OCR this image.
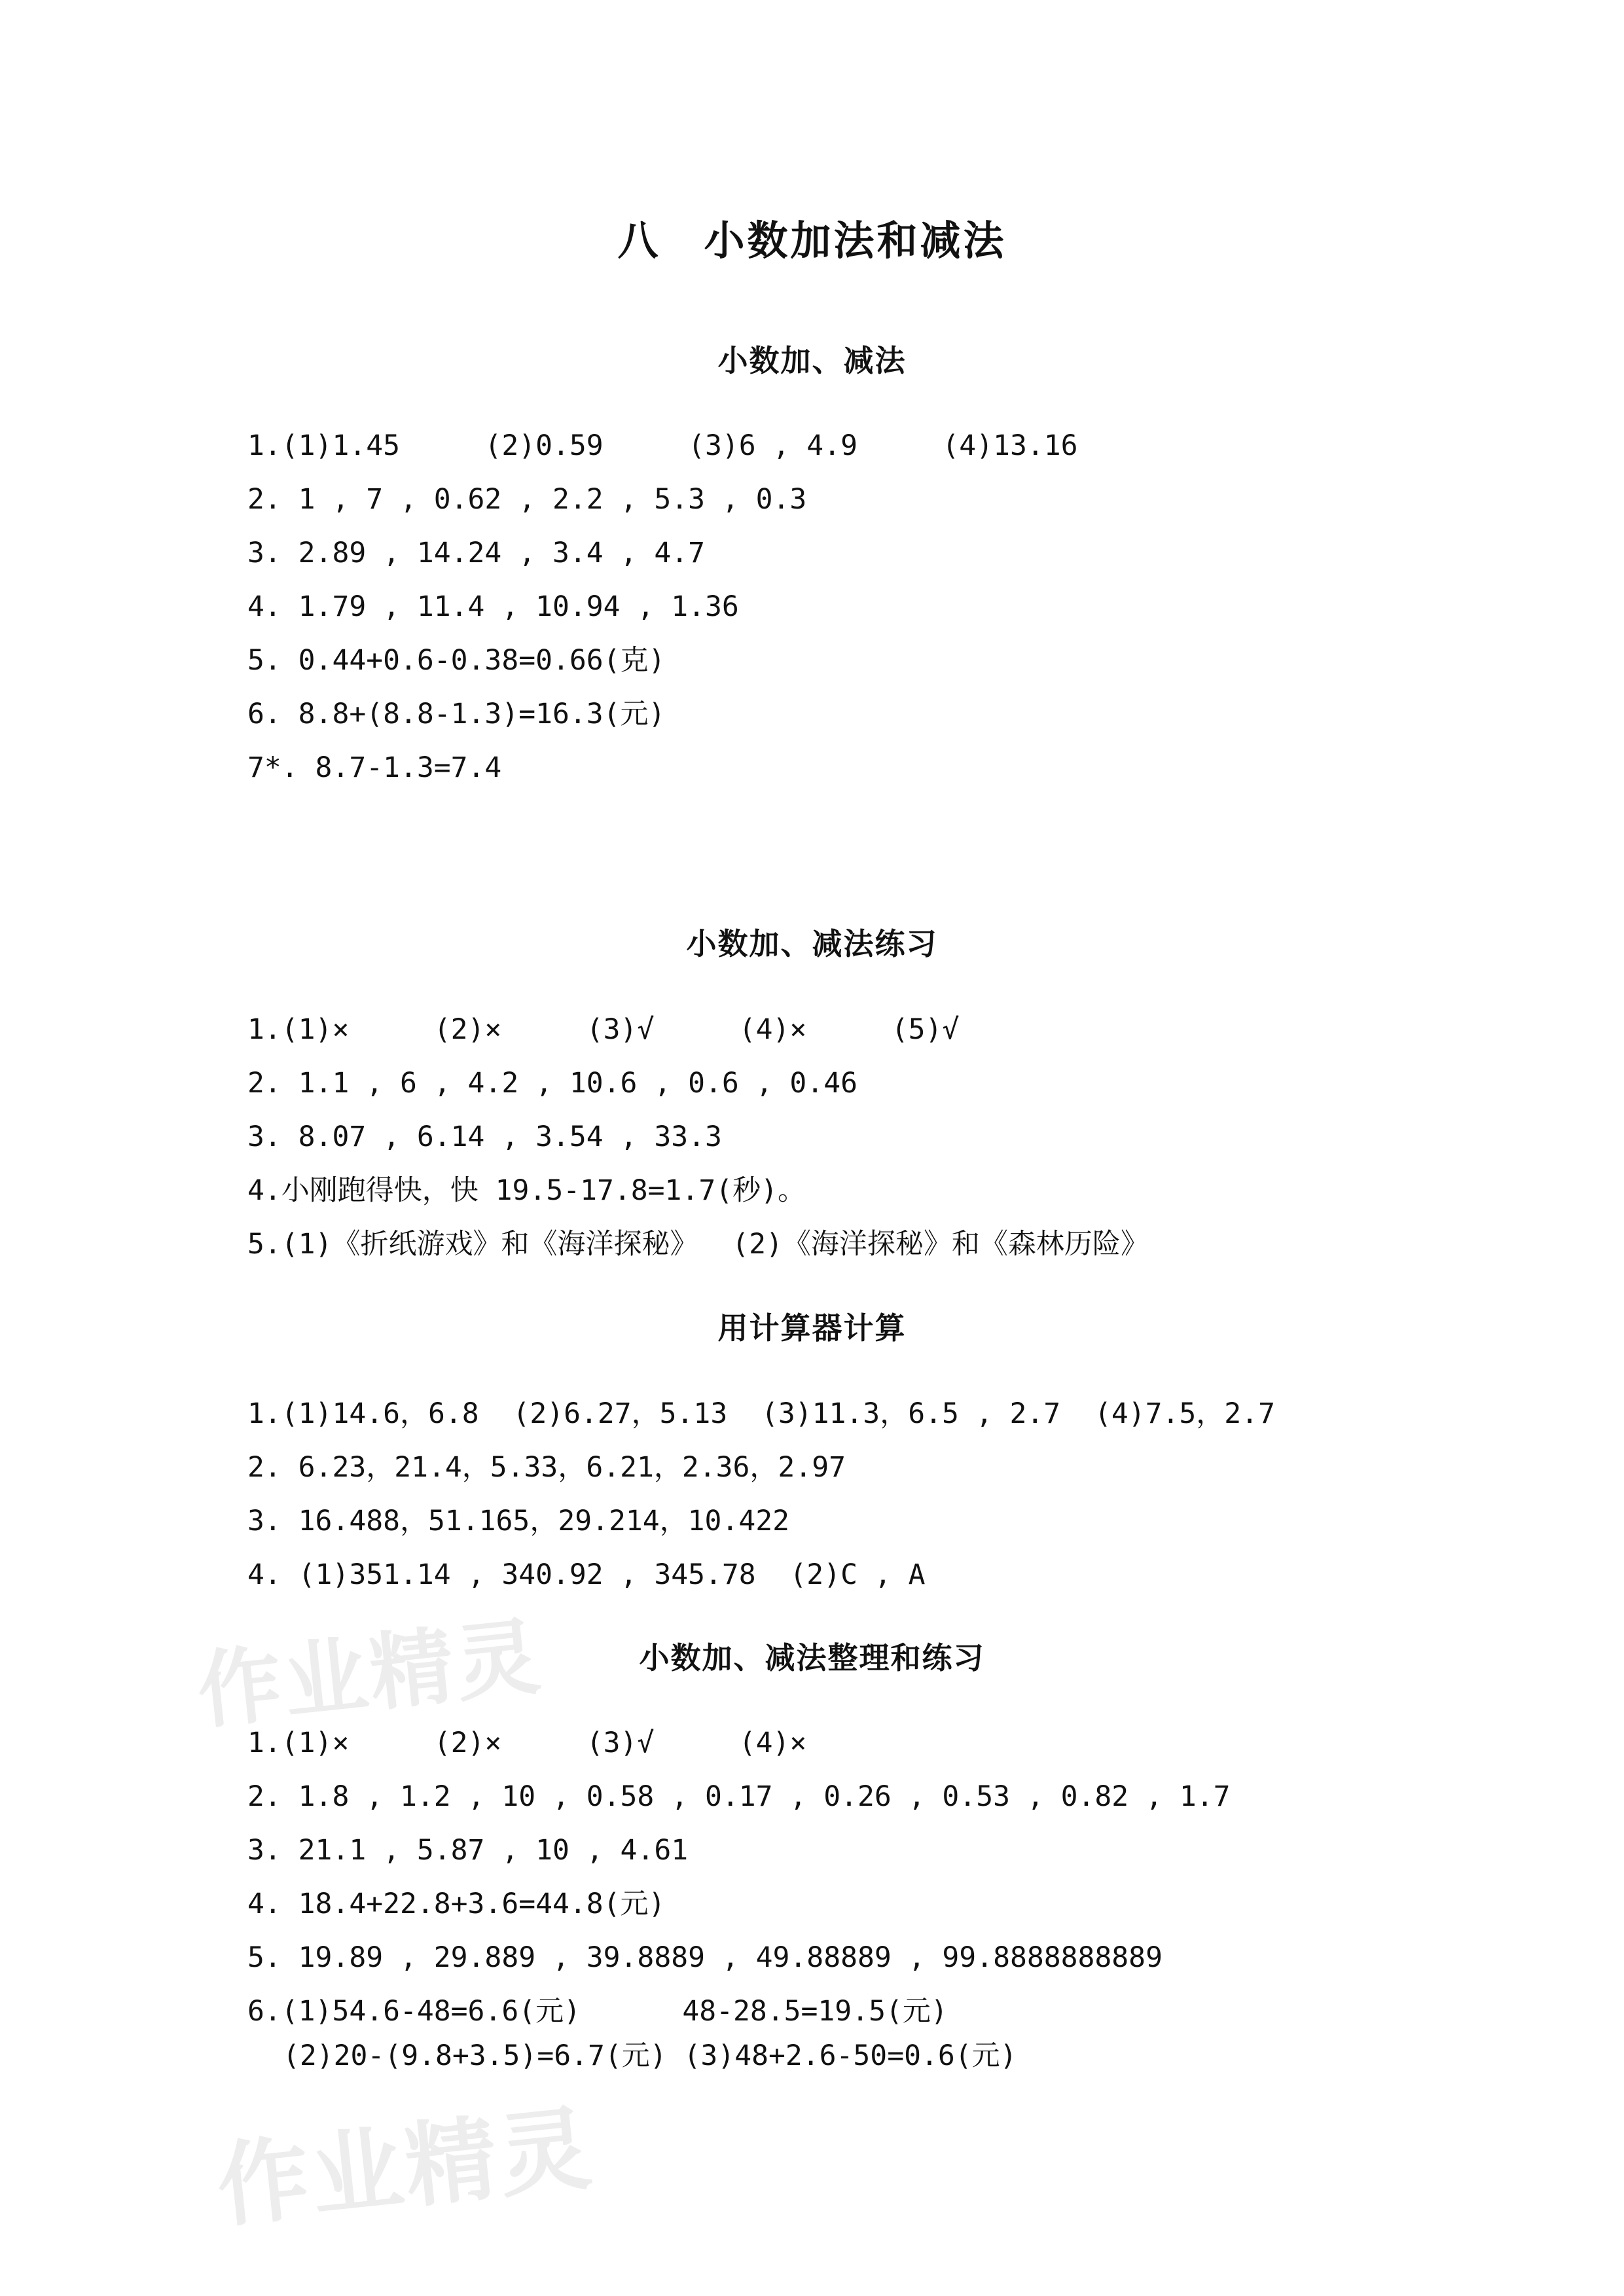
作业精灵
作业精灵
八　小数加法和减法
小数加、减法
1.(1)1.45     (2)0.59     (3)6 , 4.9     (4)13.16
2. 1 , 7 , 0.62 , 2.2 , 5.3 , 0.3
3. 2.89 , 14.24 , 3.4 , 4.7
4. 1.79 , 11.4 , 10.94 , 1.36
5. 0.44+0.6-0.38=0.66(克)
6. 8.8+(8.8-1.3)=16.3(元)
7*. 8.7-1.3=7.4
小数加、减法练习
1.(1)×     (2)×     (3)√     (4)×     (5)√
2. 1.1 , 6 , 4.2 , 10.6 , 0.6 , 0.46
3. 8.07 , 6.14 , 3.54 , 33.3
4.小刚跑得快，快 19.5-17.8=1.7(秒)。
5.(1)《折纸游戏》和《海洋探秘》  (2)《海洋探秘》和《森林历险》
用计算器计算
1.(1)14.6，6.8  (2)6.27，5.13  (3)11.3，6.5 , 2.7  (4)7.5，2.7
2. 6.23，21.4，5.33，6.21，2.36，2.97
3. 16.488，51.165，29.214，10.422
4. (1)351.14 , 340.92 , 345.78  (2)C , A
小数加、减法整理和练习
1.(1)×     (2)×     (3)√     (4)×
2. 1.8 , 1.2 , 10 , 0.58 , 0.17 , 0.26 , 0.53 , 0.82 , 1.7
3. 21.1 , 5.87 , 10 , 4.61
4. 18.4+22.8+3.6=44.8(元)
5. 19.89 , 29.889 , 39.8889 , 49.88889 , 99.8888888889
6.(1)54.6-48=6.6(元)      48-28.5=19.5(元)
(2)20-(9.8+3.5)=6.7(元) (3)48+2.6-50=0.6(元)
